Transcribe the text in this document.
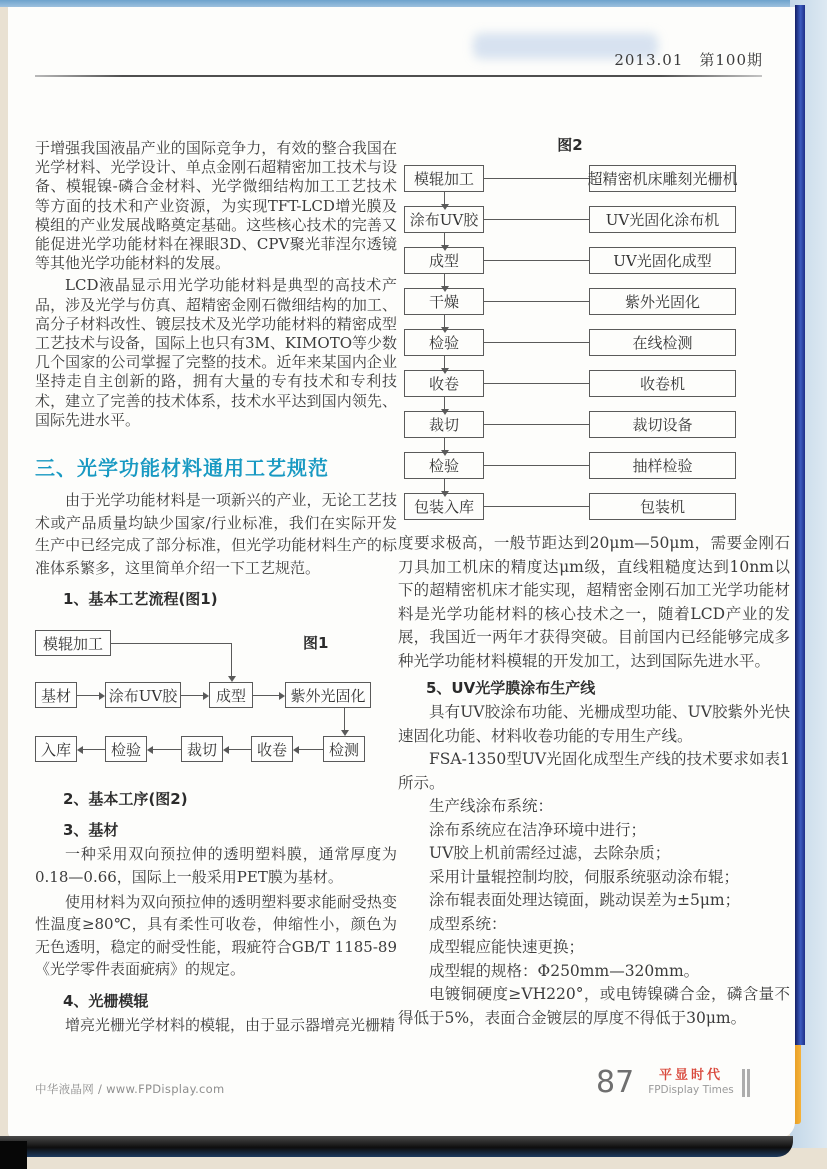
2013.01　第100期

于增强我国液晶产业的国际竞争力，有效的整合我国在光学材料、光学设计、单点金刚石超精密加工技术与设备、模辊镍-磷合金材料、光学微细结构加工工艺技术等方面的技术和产业资源，为实现TFT-LCD增光膜及模组的产业发展战略奠定基础。这些核心技术的完善又能促进光学功能材料在裸眼3D、CPV聚光菲涅尔透镜等其他光学功能材料的发展。

LCD液晶显示用光学功能材料是典型的高技术产品，涉及光学与仿真、超精密金刚石微细结构的加工、高分子材料改性、镀层技术及光学功能材料的精密成型工艺技术与设备，国际上也只有3M、KIMOTO等少数几个国家的公司掌握了完整的技术。近年来某国内企业坚持走自主创新的路，拥有大量的专有技术和专利技术，建立了完善的技术体系，技术水平达到国内领先、国际先进水平。

三、光学功能材料通用工艺规范

由于光学功能材料是一项新兴的产业，无论工艺技术或产品质量均缺少国家/行业标准，我们在实际开发生产中已经完成了部分标准，但光学功能材料生产的标准体系繁多，这里简单介绍一下工艺规范。

1、基本工艺流程(图1)

图1
模辊加工
基材	涂布UV胶	成型	紫外光固化
入库	检验	裁切	收卷	检测

2、基本工序(图2)

3、基材

一种采用双向预拉伸的透明塑料膜，通常厚度为0.18—0.66，国际上一般采用PET膜为基材。

使用材料为双向预拉伸的透明塑料要求能耐受热变性温度≥80℃，具有柔性可收卷，伸缩性小，颜色为无色透明，稳定的耐受性能，瑕疵符合GB/T 1185-89《光学零件表面疵病》的规定。

4、光栅模辊

增亮光栅光学材料的模辊，由于显示器增亮光栅精

图2
模辊加工	超精密机床雕刻光栅机
涂布UV胶	UV光固化涂布机
成型	UV光固化成型
干燥	紫外光固化
检验	在线检测
收卷	收卷机
裁切	裁切设备
检验	抽样检验
包装入库	包装机

度要求极高，一般节距达到20μm—50μm，需要金刚石刀具加工机床的精度达μm级，直线粗糙度达到10nm以下的超精密机床才能实现，超精密金刚石加工光学功能材料是光学功能材料的核心技术之一，随着LCD产业的发展，我国近一两年才获得突破。目前国内已经能够完成多种光学功能材料模辊的开发加工，达到国际先进水平。

5、UV光学膜涂布生产线

具有UV胶涂布功能、光栅成型功能、UV胶紫外光快速固化功能、材料收卷功能的专用生产线。

FSA-1350型UV光固化成型生产线的技术要求如表1所示。

生产线涂布系统：

涂布系统应在洁净环境中进行；

UV胶上机前需经过滤，去除杂质；

采用计量辊控制均胶，伺服系统驱动涂布辊；

涂布辊表面处理达镜面，跳动误差为±5μm；

成型系统：

成型辊应能快速更换；

成型辊的规格：Φ250mm—320mm。

电镀铜硬度≥VH220°，或电铸镍磷合金，磷含量不得低于5%，表面合金镀层的厚度不得低于30μm。

中华液晶网 / www.FPDisplay.com	87 平显时代
FPDisplay Times
